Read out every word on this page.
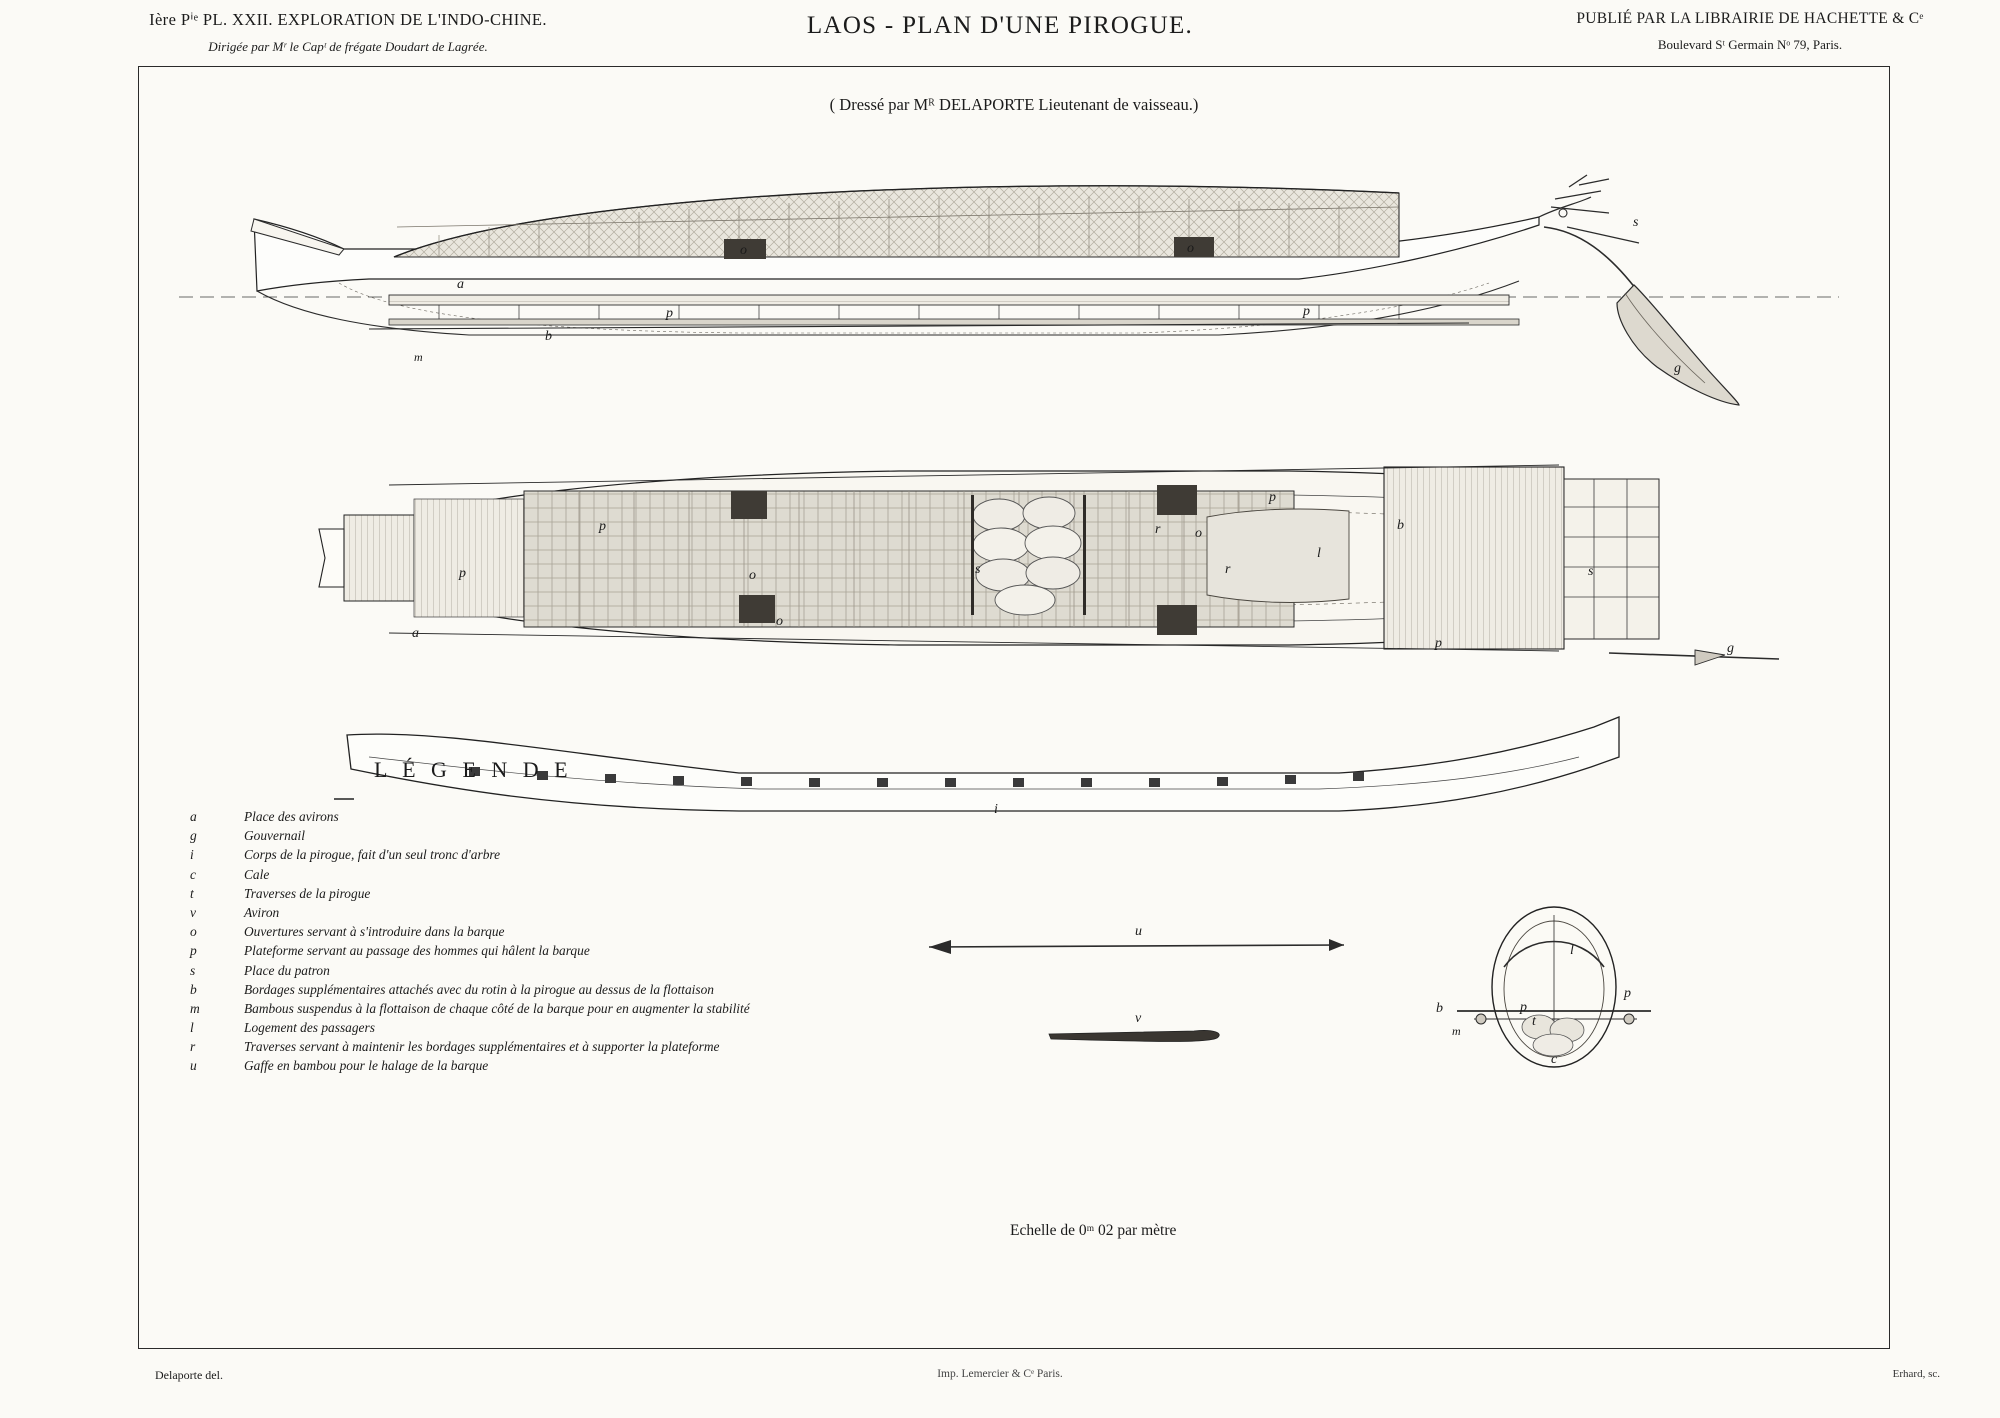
Ière Pⁱᵉ PL. XXII. EXPLORATION DE L'INDO-CHINE.
Dirigée par Mʳ le Capᵗ de frégate Doudart de Lagrée.
LAOS - PLAN D'UNE PIROGUE.	PUBLIÉ PAR LA LIBRAIRIE DE HACHETTE & Cᵉ
Boulevard Sᵗ Germain Nᵒ 79, Paris.
( Dressé par Mᴿ DELAPORTE Lieutenant de vaisseau.)
a
b
m
o	o
p	p
s
g
p
p
a
o
o
s
r o
r
l
b
p
p
s
g
i
u
v
l
p
p
b
m
c
t
L É G E N D E
a	Place des avirons
g	Gouvernail
i	Corps de la pirogue, fait d'un seul tronc d'arbre
c	Cale
t	Traverses de la pirogue
v	Aviron
o	Ouvertures servant à s'introduire dans la barque
p	Plateforme servant au passage des hommes qui hâlent la barque
s	Place du patron
b	Bordages supplémentaires attachés avec du rotin à la pirogue au dessus de la flottaison
m	Bambous suspendus à la flottaison de chaque côté de la barque pour en augmenter la stabilité
l	Logement des passagers
r	Traverses servant à maintenir les bordages supplémentaires et à supporter la plateforme
u	Gaffe en bambou pour le halage de la barque
Echelle de 0ᵐ 02 par mètre
Delaporte del.	Imp. Lemercier & Cᵉ Paris.	Erhard, sc.
